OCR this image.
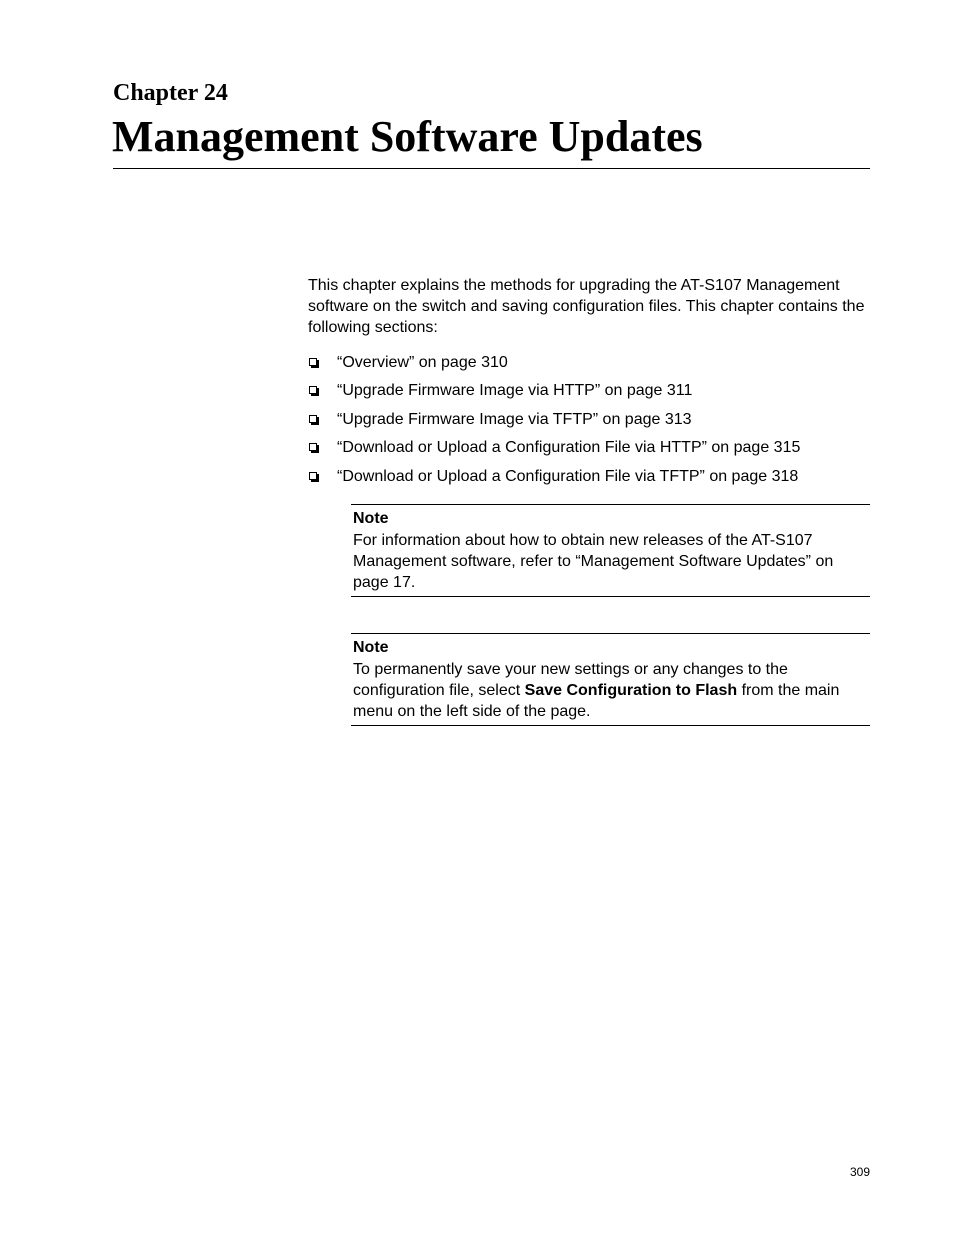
Chapter 24
Management Software Updates

This chapter explains the methods for upgrading the AT-S107 Management software on the switch and saving configuration files. This chapter contains the following sections:

“Overview” on page 310
“Upgrade Firmware Image via HTTP” on page 311
“Upgrade Firmware Image via TFTP” on page 313
“Download or Upload a Configuration File via HTTP” on page 315
“Download or Upload a Configuration File via TFTP” on page 318
Note
For information about how to obtain new releases of the AT-S107 Management software, refer to “Management Software Updates” on page 17.
Note
To permanently save your new settings or any changes to the configuration file, select Save Configuration to Flash from the main menu on the left side of the page.
309
